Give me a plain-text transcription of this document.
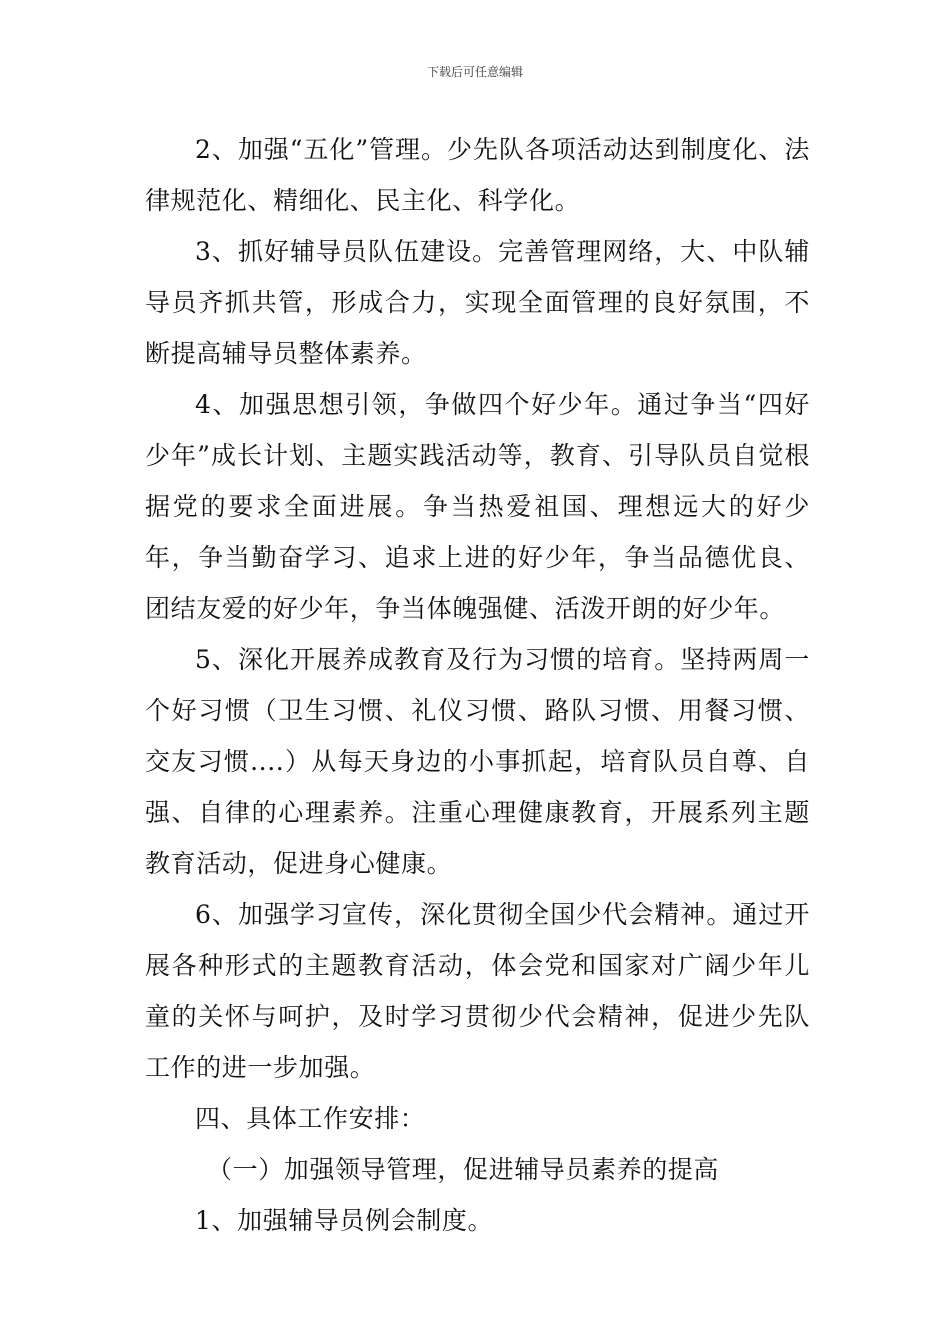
下载后可任意编辑

2、加强“五化”管理。少先队各项活动达到制度化、法律规范化、精细化、民主化、科学化。

3、抓好辅导员队伍建设。完善管理网络，大、中队辅导员齐抓共管，形成合力，实现全面管理的良好氛围，不断提高辅导员整体素养。

4、加强思想引领，争做四个好少年。通过争当“四好少年”成长计划、主题实践活动等，教育、引导队员自觉根据党的要求全面进展。争当热爱祖国、理想远大的好少年，争当勤奋学习、追求上进的好少年，争当品德优良、团结友爱的好少年，争当体魄强健、活泼开朗的好少年。

5、深化开展养成教育及行为习惯的培育。坚持两周一个好习惯（卫生习惯、礼仪习惯、路队习惯、用餐习惯、交友习惯....）从每天身边的小事抓起，培育队员自尊、自强、自律的心理素养。注重心理健康教育，开展系列主题教育活动，促进身心健康。

6、加强学习宣传，深化贯彻全国少代会精神。通过开展各种形式的主题教育活动，体会党和国家对广阔少年儿童的关怀与呵护，及时学习贯彻少代会精神，促进少先队工作的进一步加强。

四、具体工作安排：

（一）加强领导管理，促进辅导员素养的提高

1、加强辅导员例会制度。
